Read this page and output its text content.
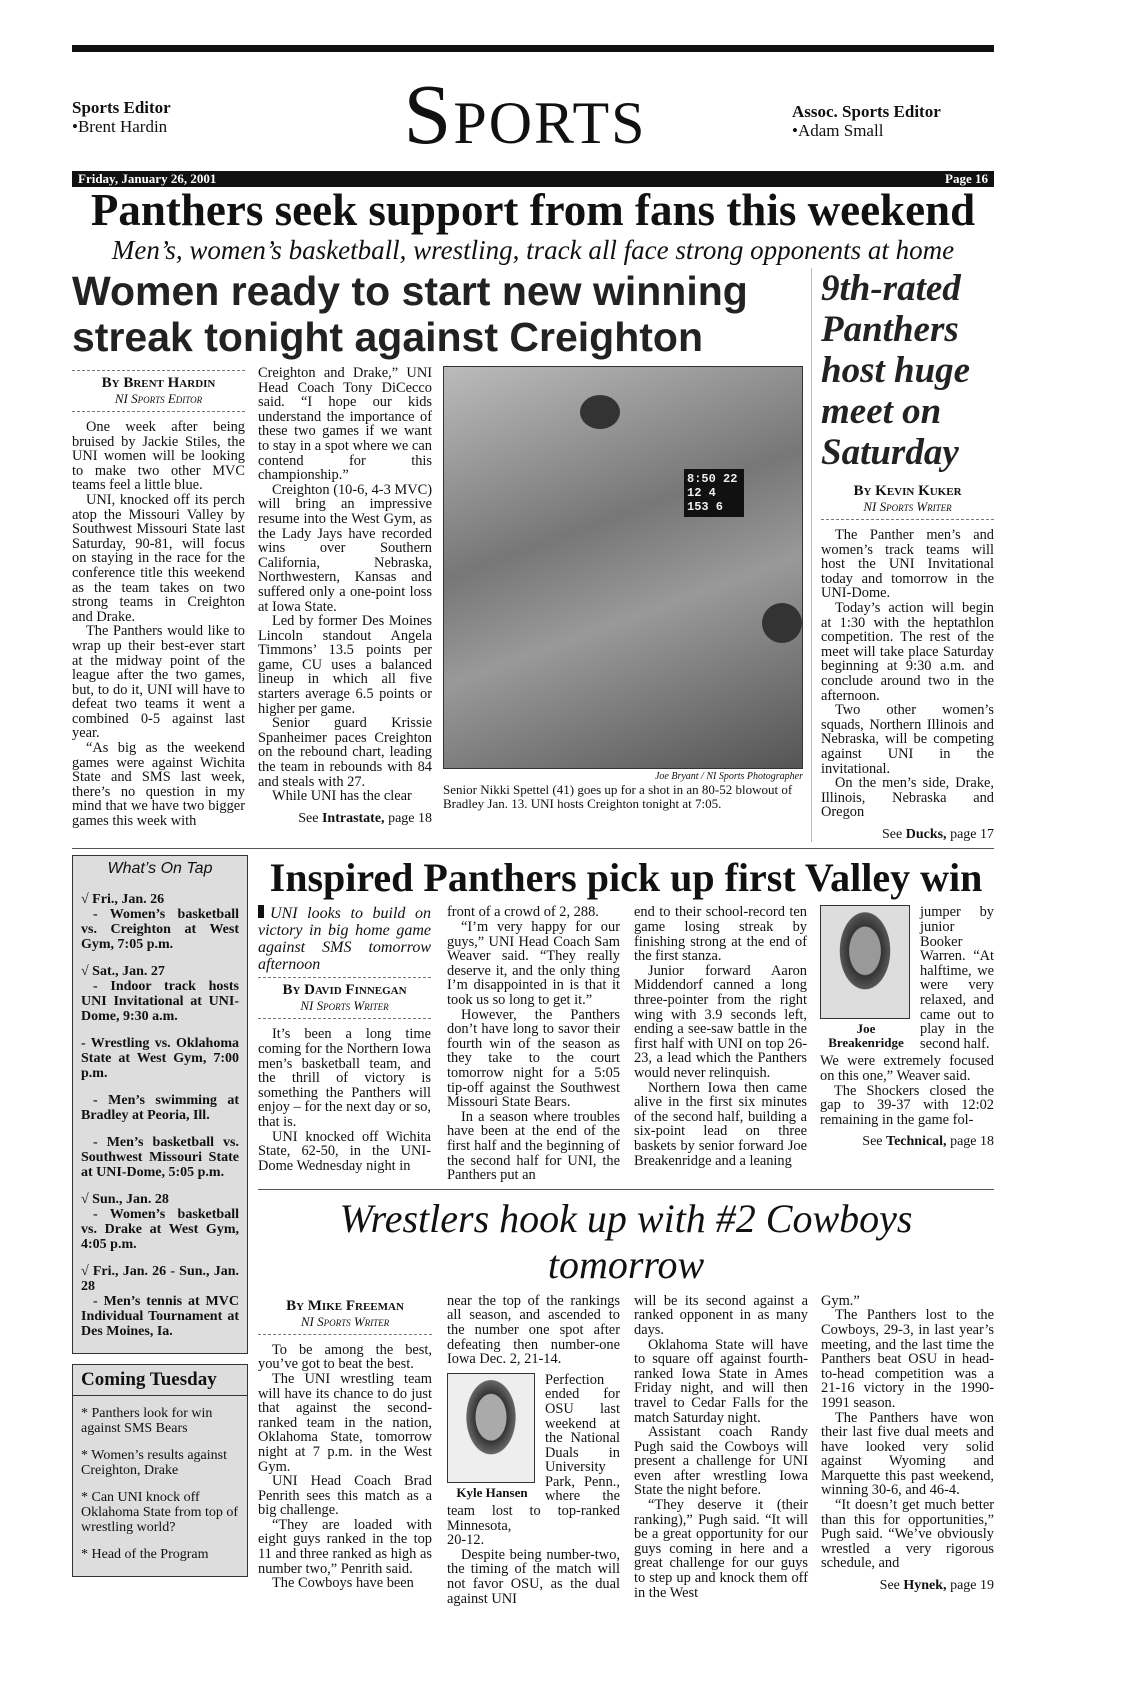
Sports Editor
•Brent Hardin	Sports	Assoc. Sports Editor
•Adam Small
Friday, January 26, 2001	Page 16
Panthers seek support from fans this weekend
Men’s, women’s basketball, wrestling, track all face strong opponents at home
Women ready to start new winning streak tonight against Creighton
By Brent Hardin
NI Sports Editor

One week after being bruised by Jackie Stiles, the UNI women will be looking to make two other MVC teams feel a little blue.

UNI, knocked off its perch atop the Missouri Valley by Southwest Missouri State last Saturday, 90-81, will focus on staying in the race for the conference title this weekend as the team takes on two strong teams in Creighton and Drake.

The Panthers would like to wrap up their best-ever start at the midway point of the league after the two games, but, to do it, UNI will have to defeat two teams it went a combined 0-5 against last year.

“As big as the weekend games were against Wichita State and SMS last week, there’s no question in my mind that we have two bigger games this week with

Creighton and Drake,” UNI Head Coach Tony DiCecco said. “I hope our kids understand the importance of these two games if we want to stay in a spot where we can contend for this championship.”

Creighton (10-6, 4-3 MVC) will bring an impressive resume into the West Gym, as the Lady Jays have recorded wins over Southern California, Nebraska, Northwestern, Kansas and suffered only a one-point loss at Iowa State.

Led by former Des Moines Lincoln standout Angela Timmons’ 13.5 points per game, CU uses a balanced lineup in which all five starters average 6.5 points or higher per game.

Senior guard Krissie Spanheimer paces Creighton on the rebound chart, leading the team in rebounds with 84 and steals with 27.

While UNI has the clear

See Intrastate, page 18
8:50 22 12 4 153 6
Joe Bryant / NI Sports Photographer
Senior Nikki Spettel (41) goes up for a shot in an 80-52 blowout of Bradley Jan. 13. UNI hosts Creighton tonight at 7:05.
9th-rated Panthers host huge meet on Saturday
By Kevin Kuker
NI Sports Writer

The Panther men’s and women’s track teams will host the UNI Invitational today and tomorrow in the UNI-Dome.

Today’s action will begin at 1:30 with the heptathlon competition. The rest of the meet will take place Saturday beginning at 9:30 a.m. and conclude around two in the afternoon.

Two other women’s squads, Northern Illinois and Nebraska, will be competing against UNI in the invitational.

On the men’s side, Drake, Illinois, Nebraska and Oregon

See Ducks, page 17
What’s On Tap

√ Fri., Jan. 26

- Women’s basketball vs. Creighton at West Gym, 7:05 p.m.

√ Sat., Jan. 27

- Indoor track hosts UNI Invitational at UNI-Dome, 9:30 a.m.

- Wrestling vs. Oklahoma State at West Gym, 7:00 p.m.

- Men’s swimming at Bradley at Peoria, Ill.

- Men’s basketball vs. Southwest Missouri State at UNI-Dome, 5:05 p.m.

√ Sun., Jan. 28

- Women’s basketball vs. Drake at West Gym, 4:05 p.m.

√ Fri., Jan. 26 - Sun., Jan. 28

- Men’s tennis at MVC Individual Tournament at Des Moines, Ia.

Coming Tuesday

* Panthers look for win against SMS Bears

* Women’s results against Creighton, Drake

* Can UNI knock off Oklahoma State from top of wrestling world?

* Head of the Program

Inspired Panthers pick up first Valley win
UNI looks to build on victory in big home game against SMS tomorrow afternoon
By David Finnegan
NI Sports Writer

It’s been a long time coming for the Northern Iowa men’s basketball team, and the thrill of victory is something the Panthers will enjoy – for the next day or so, that is.

UNI knocked off Wichita State, 62-50, in the UNI-Dome Wednesday night in

front of a crowd of 2, 288.

“I’m very happy for our guys,” UNI Head Coach Sam Weaver said. “They really deserve it, and the only thing I’m disappointed in is that it took us so long to get it.”

However, the Panthers don’t have long to savor their fourth win of the season as they take to the court tomorrow night for a 5:05 tip-off against the Southwest Missouri State Bears.

In a season where troubles have been at the end of the first half and the beginning of the second half for UNI, the Panthers put an

end to their school-record ten game losing streak by finishing strong at the end of the first stanza.

Junior forward Aaron Middendorf canned a long three-pointer from the right wing with 3.9 seconds left, ending a see-saw battle in the first half with UNI on top 26-23, a lead which the Panthers would never relinquish.

Northern Iowa then came alive in the first six minutes of the second half, building a six-point lead on three baskets by senior forward Joe Breakenridge and a leaning

Joe Breakenridge
jumper by junior Booker Warren. “At halftime, we were very relaxed, and came out to play in the second half.

We were extremely focused on this one,” Weaver said.

The Shockers closed the gap to 39-37 with 12:02 remaining in the game fol-

See Technical, page 18
Wrestlers hook up with #2 Cowboys tomorrow
By Mike Freeman
NI Sports Writer

To be among the best, you’ve got to beat the best.

The UNI wrestling team will have its chance to do just that against the second-ranked team in the nation, Oklahoma State, tomorrow night at 7 p.m. in the West Gym.

UNI Head Coach Brad Penrith sees this match as a big challenge.

“They are loaded with eight guys ranked in the top 11 and three ranked as high as number two,” Penrith said.

The Cowboys have been

near the top of the rankings all season, and ascended to the number one spot after defeating then number-one Iowa Dec. 2, 21-14.
Kyle Hansen
Perfection ended for OSU last weekend at the National Duals in University Park, Penn., where the team lost to top-ranked Minnesota,

20-12.

Despite being number-two, the timing of the match will not favor OSU, as the dual against UNI

will be its second against a ranked opponent in as many days.

Oklahoma State will have to square off against fourth-ranked Iowa State in Ames Friday night, and will then travel to Cedar Falls for the match Saturday night.

Assistant coach Randy Pugh said the Cowboys will present a challenge for UNI even after wrestling Iowa State the night before.

“They deserve it (their ranking),” Pugh said. “It will be a great opportunity for our guys coming in here and a great challenge for our guys to step up and knock them off in the West

Gym.”

The Panthers lost to the Cowboys, 29-3, in last year’s meeting, and the last time the Panthers beat OSU in head-to-head competition was a 21-16 victory in the 1990-1991 season.

The Panthers have won their last five dual meets and have looked very solid against Wyoming and Marquette this past weekend, winning 30-6, and 46-4.

“It doesn’t get much better than this for opportunities,” Pugh said. “We’ve obviously wrestled a very rigorous schedule, and

See Hynek, page 19
